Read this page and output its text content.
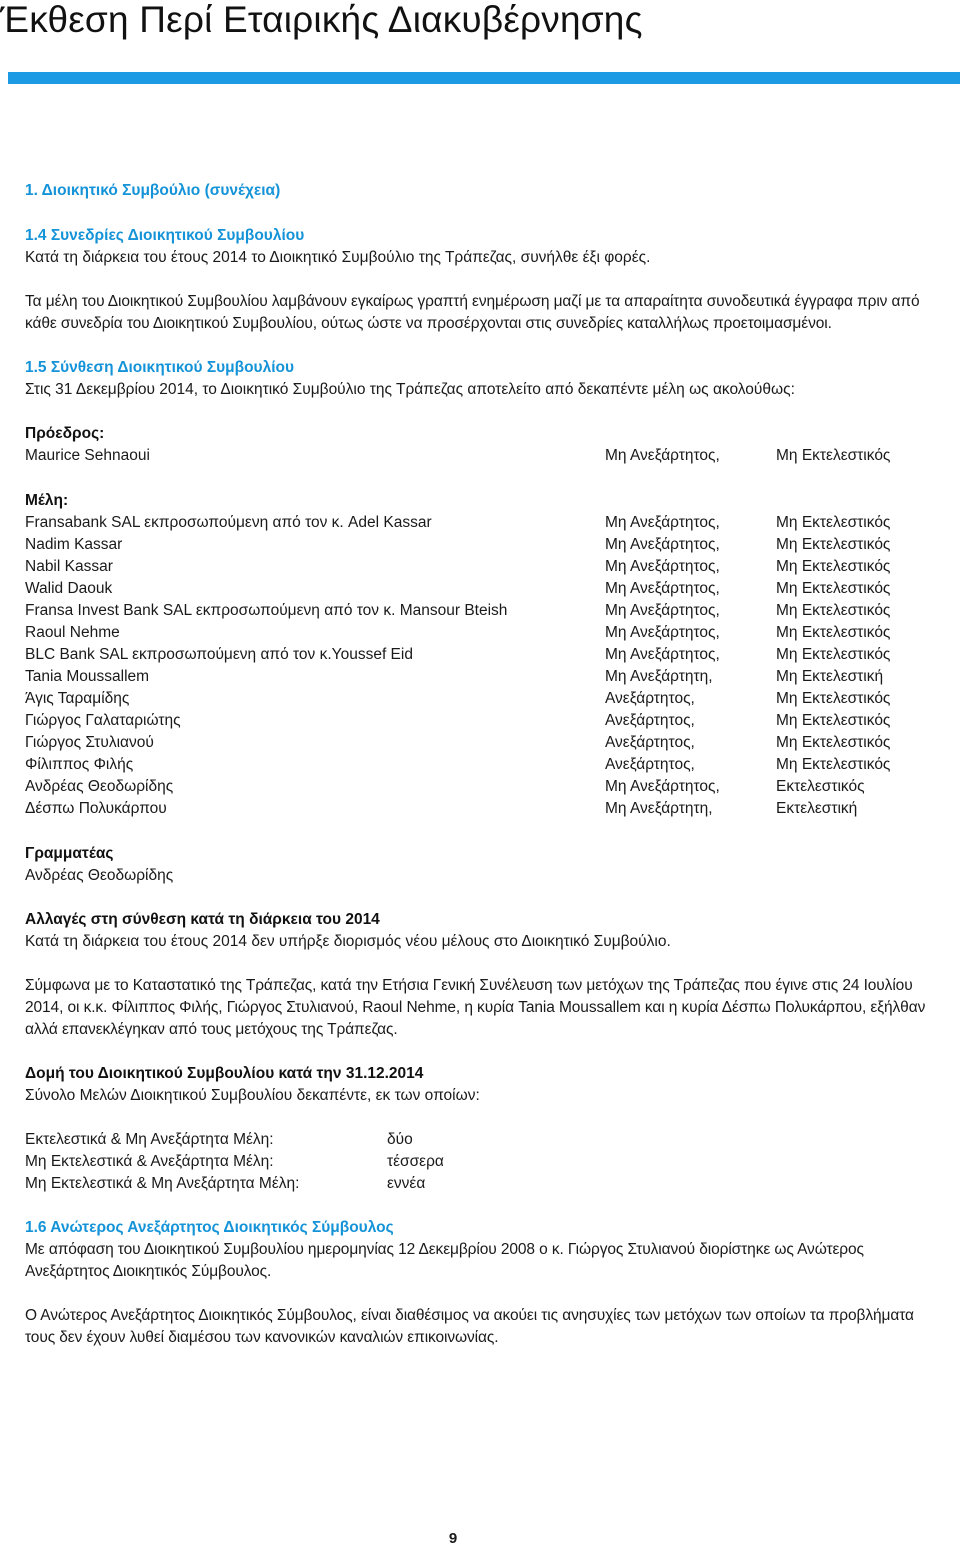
Έκθεση Περί Εταιρικής Διακυβέρνησης

1. Διοικητικό Συμβούλιο (συνέχεια)

1.4 Συνεδρίες Διοικητικού Συμβουλίου

Κατά τη διάρκεια του έτους 2014 το Διοικητικό Συμβούλιο της Τράπεζας, συνήλθε έξι φορές.

Τα μέλη του Διοικητικού Συμβουλίου λαμβάνουν εγκαίρως γραπτή ενημέρωση μαζί με τα απαραίτητα συνοδευτικά έγγραφα πριν από κάθε συνεδρία του Διοικητικού Συμβουλίου, ούτως ώστε να προσέρχονται στις συνεδρίες καταλλήλως προετοιμασμένοι.

1.5 Σύνθεση Διοικητικού Συμβουλίου

Στις 31 Δεκεμβρίου 2014, το Διοικητικό Συμβούλιο της Τράπεζας αποτελείτο από δεκαπέντε μέλη ως ακολούθως:

Πρόεδρος:

Maurice Sehnaoui	Μη Ανεξάρτητος,	Μη Εκτελεστικός

Μέλη:

Fransabank SAL εκπροσωπούμενη από τον κ. Adel Kassar	Μη Ανεξάρτητος,	Μη Εκτελεστικός
Nadim Kassar	Μη Ανεξάρτητος,	Μη Εκτελεστικός
Nabil Kassar	Μη Ανεξάρτητος,	Μη Εκτελεστικός
Walid Daouk	Μη Ανεξάρτητος,	Μη Εκτελεστικός
Fransa Invest Bank SAL εκπροσωπούμενη από τον κ. Mansour Bteish	Μη Ανεξάρτητος,	Μη Εκτελεστικός
Raoul Nehme	Μη Ανεξάρτητος,	Μη Εκτελεστικός
BLC Bank SAL εκπροσωπούμενη από τον κ.Youssef Eid	Μη Ανεξάρτητος,	Μη Εκτελεστικός
Tania Moussallem	Μη Ανεξάρτητη,	Μη Εκτελεστική
Άγις Ταραμίδης	Ανεξάρτητος,	Μη Εκτελεστικός
Γιώργος Γαλαταριώτης	Ανεξάρτητος,	Μη Εκτελεστικός
Γιώργος Στυλιανού	Ανεξάρτητος,	Μη Εκτελεστικός
Φίλιππος Φιλής	Ανεξάρτητος,	Μη Εκτελεστικός
Ανδρέας Θεοδωρίδης	Μη Ανεξάρτητος,	Εκτελεστικός
Δέσπω Πολυκάρπου	Μη Ανεξάρτητη,	Εκτελεστική

Γραμματέας

Ανδρέας Θεοδωρίδης

Αλλαγές στη σύνθεση κατά τη διάρκεια του 2014

Κατά τη διάρκεια του έτους 2014 δεν υπήρξε διορισμός νέου μέλους στο Διοικητικό Συμβούλιο.

Σύμφωνα με το Καταστατικό της Τράπεζας, κατά την Ετήσια Γενική Συνέλευση των μετόχων της Τράπεζας που έγινε στις 24 Ιουλίου 2014, οι κ.κ. Φίλιππος Φιλής, Γιώργος Στυλιανού, Raoul Nehme, η κυρία Tania Moussallem και η κυρία Δέσπω Πολυκάρπου, εξήλθαν αλλά επανεκλέγηκαν από τους μετόχους της Τράπεζας.

Δομή του Διοικητικού Συμβουλίου κατά την 31.12.2014

Σύνολο Μελών Διοικητικού Συμβουλίου δεκαπέντε, εκ των οποίων:

Εκτελεστικά & Μη Ανεξάρτητα Μέλη:	δύο
Μη Εκτελεστικά & Ανεξάρτητα Μέλη:	τέσσερα
Μη Εκτελεστικά & Μη Ανεξάρτητα Μέλη:	εννέα

1.6 Ανώτερος Ανεξάρτητος Διοικητικός Σύμβουλος

Με απόφαση του Διοικητικού Συμβουλίου ημερομηνίας 12 Δεκεμβρίου 2008 ο κ. Γιώργος Στυλιανού διορίστηκε ως Ανώτερος Ανεξάρτητος Διοικητικός Σύμβουλος.

Ο Ανώτερος Ανεξάρτητος Διοικητικός Σύμβουλος, είναι διαθέσιμος να ακούει τις ανησυχίες των μετόχων των οποίων τα προβλήματα τους δεν έχουν λυθεί διαμέσου των κανονικών καναλιών επικοινωνίας.

9
